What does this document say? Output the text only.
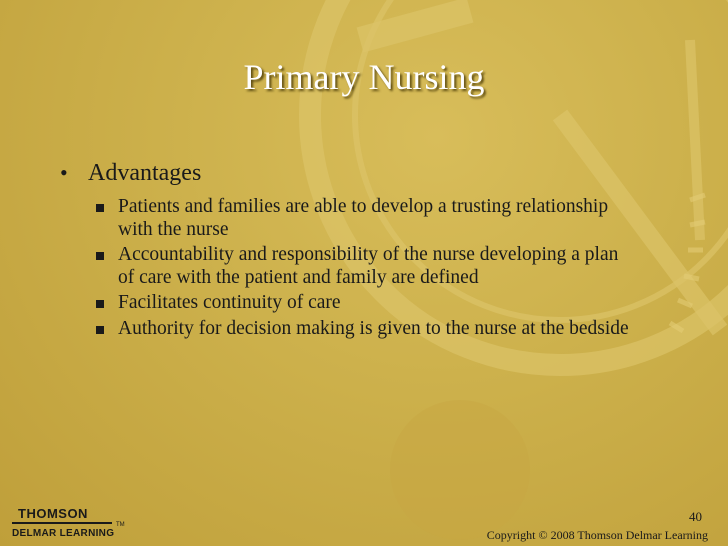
Primary Nursing
• Advantages
Patients and families are able to develop a trusting relationship with the nurse
Accountability and responsibility of the nurse developing a plan of care with the patient and family are defined
Facilitates continuity of care
Authority for decision making is given to the nurse at the bedside
THOMSON
TM
DELMAR LEARNING
40
Copyright © 2008 Thomson Delmar Learning
